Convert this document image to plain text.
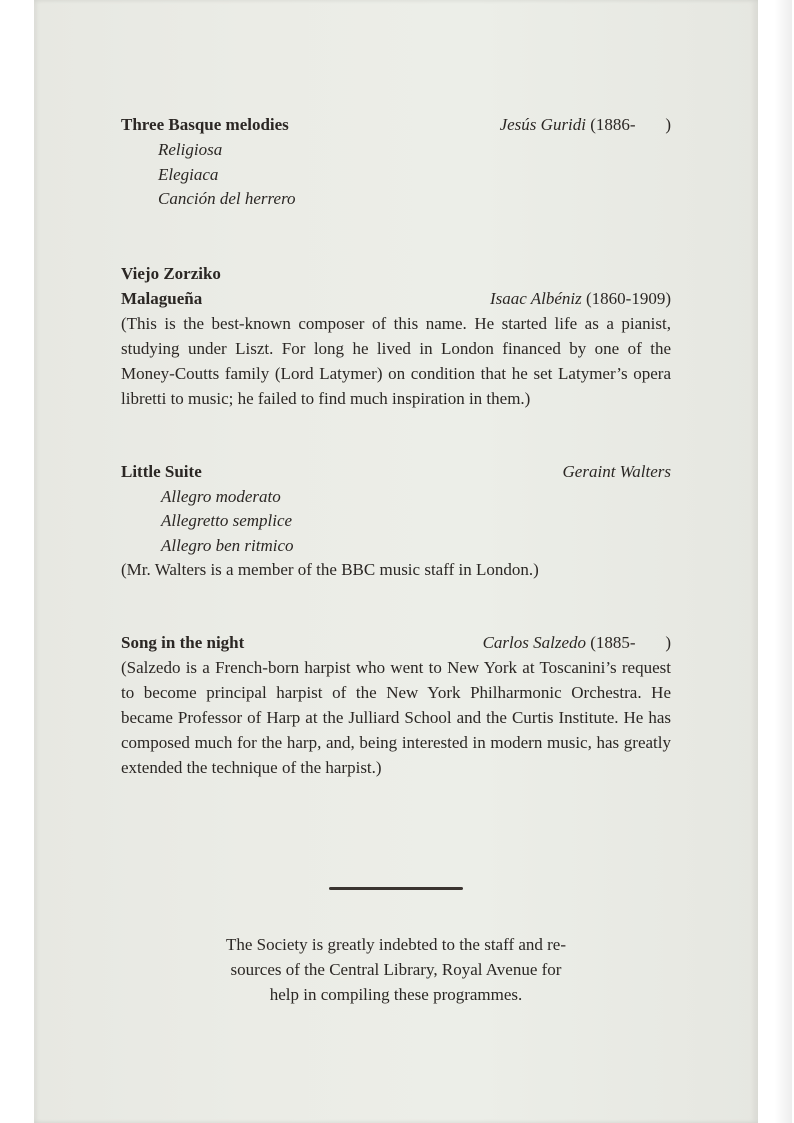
Three Basque melodies	Jesús Guridi (1886-       )
Religiosa
Elegiaca
Canción del herrero
Viejo Zorziko
Malagueña	Isaac Albéniz (1860-1909)
(This is the best-known composer of this name. He started life as a pianist, studying under Liszt. For long he lived in London financed by one of the Money-Coutts family (Lord Latymer) on condition that he set Latymer’s opera libretti to music; he failed to find much inspiration in them.)
Little Suite	Geraint Walters
Allegro moderato
Allegretto semplice
Allegro ben ritmico
(Mr. Walters is a member of the BBC music staff in London.)
Song in the night	Carlos Salzedo (1885-       )
(Salzedo is a French-born harpist who went to New York at Toscanini’s request to become principal harpist of the New York Philharmonic Orchestra. He became Professor of Harp at the Julliard School and the Curtis Institute. He has composed much for the harp, and, being interested in modern music, has greatly extended the technique of the harpist.)
The Society is greatly indebted to the staff and re-
sources of the Central Library, Royal Avenue for
help in compiling these programmes.
